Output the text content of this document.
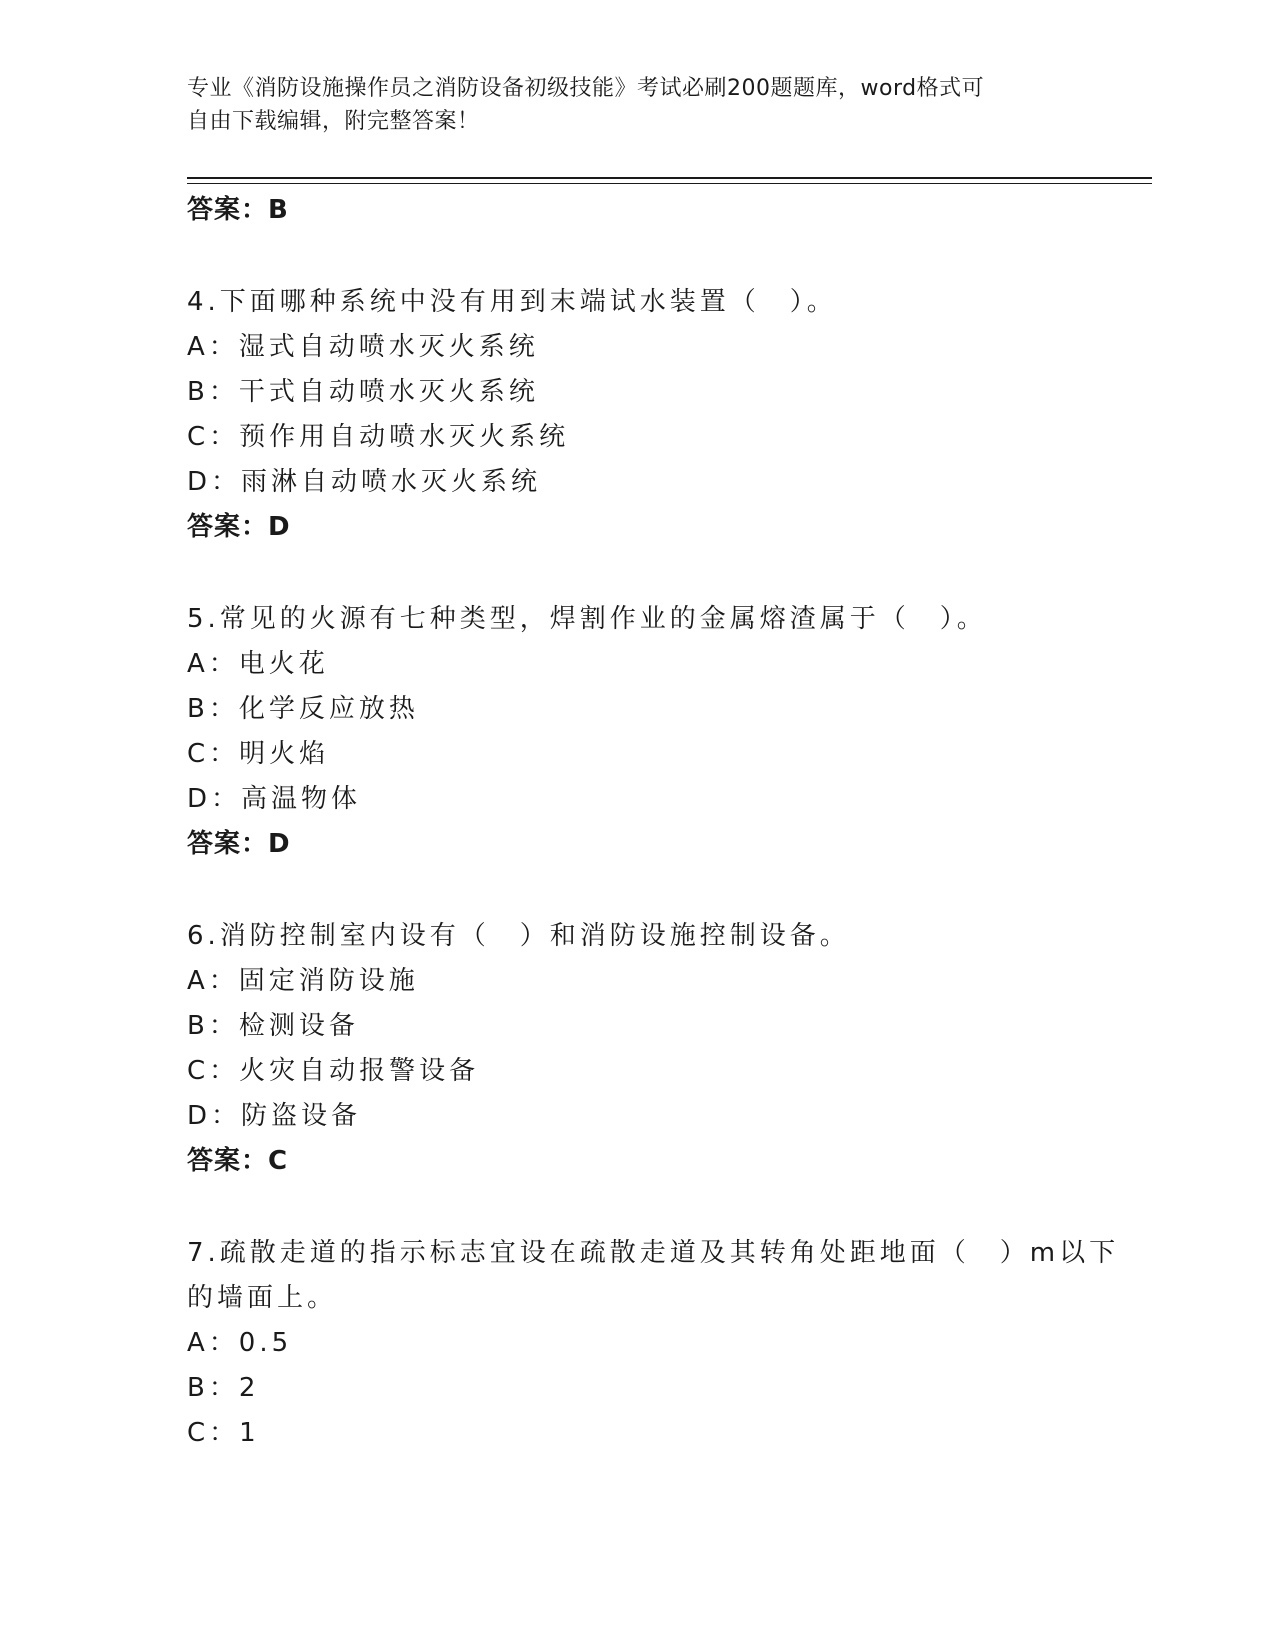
专业《消防设施操作员之消防设备初级技能》考试必刷200题题库，word格式可
自由下载编辑，附完整答案！
答案：B
4.下面哪种系统中没有用到末端试水装置（　）。
A：湿式自动喷水灭火系统
B：干式自动喷水灭火系统
C：预作用自动喷水灭火系统
D：雨淋自动喷水灭火系统
答案：D
5.常见的火源有七种类型，焊割作业的金属熔渣属于（　）。
A：电火花
B：化学反应放热
C：明火焰
D：高温物体
答案：D
6.消防控制室内设有（　）和消防设施控制设备。
A：固定消防设施
B：检测设备
C：火灾自动报警设备
D：防盗设备
答案：C
7.疏散走道的指示标志宜设在疏散走道及其转角处距地面（　）m以下
的墙面上。
A：0.5
B：2
C：1
